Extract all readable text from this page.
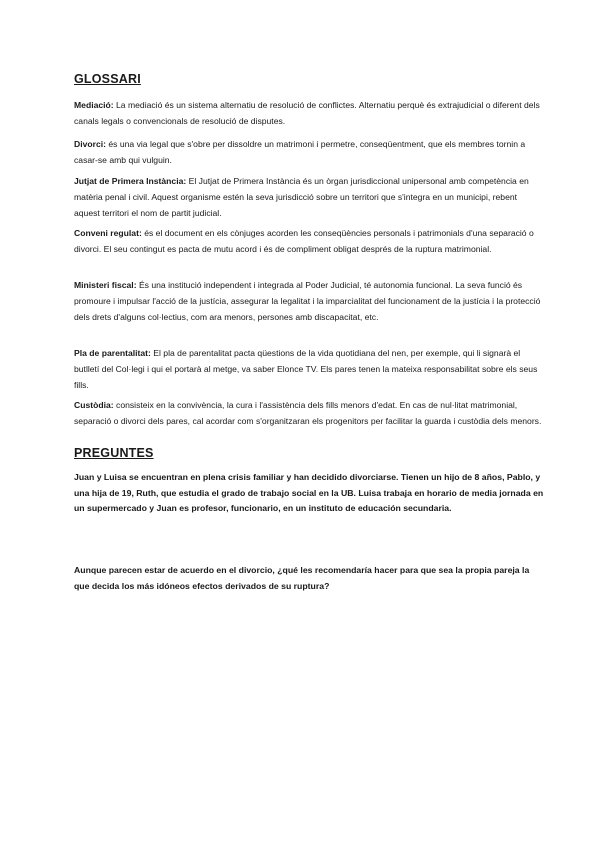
GLOSSARI

Mediació: La mediació és un sistema alternatiu de resolució de conflictes. Alternatiu perquè és extrajudicial o diferent dels canals legals o convencionals de resolució de disputes.

Divorci: és una via legal que s'obre per dissoldre un matrimoni i permetre, conseqüentment, que els membres tornin a casar-se amb qui vulguin.

Jutjat de Primera Instància: El Jutjat de Primera Instància és un òrgan jurisdiccional unipersonal amb competència en matèria penal i civil. Aquest organisme estén la seva jurisdicció sobre un territori que s'integra en un municipi, rebent aquest territori el nom de partit judicial.

Conveni regulat: és el document en els cònjuges acorden les conseqüències personals i patrimonials d'una separació o divorci. El seu contingut es pacta de mutu acord i és de compliment obligat després de la ruptura matrimonial.

Ministeri fiscal: És una institució independent i integrada al Poder Judicial, té autonomia funcional. La seva funció és promoure i impulsar l'acció de la justícia, assegurar la legalitat i la imparcialitat del funcionament de la justícia i la protecció dels drets d'alguns col·lectius, com ara menors, persones amb discapacitat, etc.

Pla de parentalitat: El pla de parentalitat pacta qüestions de la vida quotidiana del nen, per exemple, qui li signarà el butlletí del Col·legi i qui el portarà al metge, va saber Elonce TV. Els pares tenen la mateixa responsabilitat sobre els seus fills.

Custòdia: consisteix en la convivència, la cura i l'assistència dels fills menors d'edat. En cas de nul·litat matrimonial, separació o divorci dels pares, cal acordar com s'organitzaran els progenitors per facilitar la guarda i custòdia dels menors.

PREGUNTES

Juan y Luisa se encuentran en plena crisis familiar y han decidido divorciarse. Tienen un hijo de 8 años, Pablo, y una hija de 19, Ruth, que estudia el grado de trabajo social en la UB. Luisa trabaja en horario de media jornada en un supermercado y Juan es profesor, funcionario, en un instituto de educación secundaria.

Aunque parecen estar de acuerdo en el divorcio, ¿qué les recomendaría hacer para que sea la propia pareja la que decida los más idóneos efectos derivados de su ruptura?
